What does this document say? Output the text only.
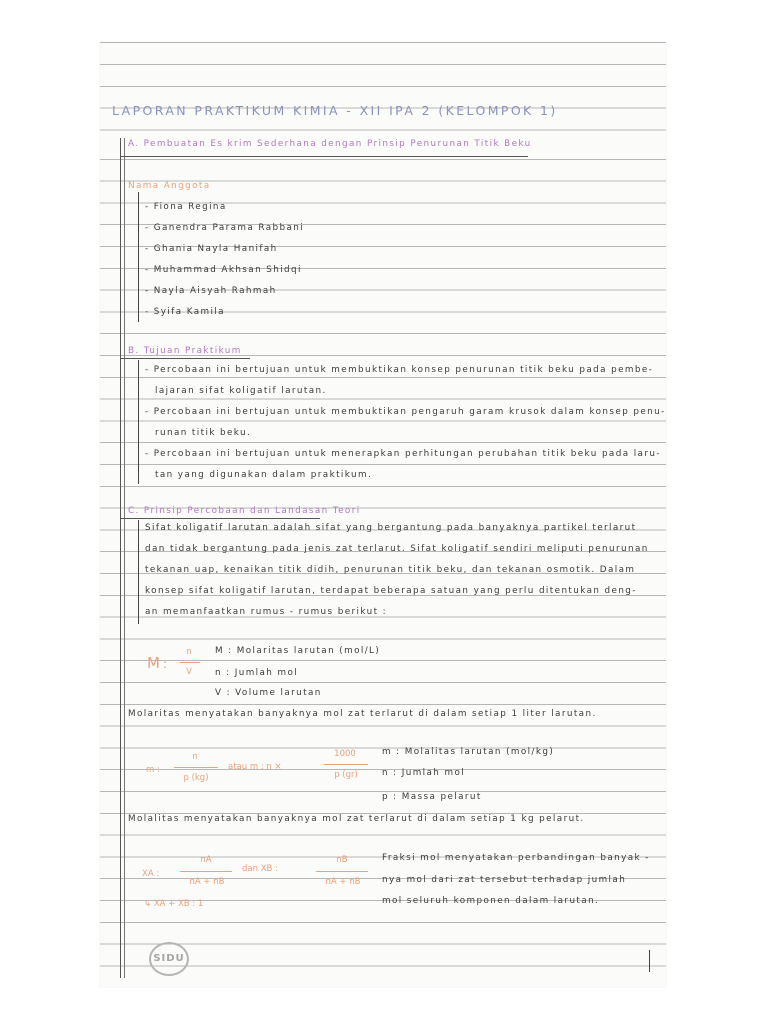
LAPORAN PRAKTIKUM KIMIA - XII IPA 2 (KELOMPOK 1)
A. Pembuatan Es krim Sederhana dengan Prinsip Penurunan Titik Beku
Nama Anggota
- Fiona Regina
- Ganendra Parama Rabbani
- Ghania Nayla Hanifah
- Muhammad Akhsan Shidqi
- Nayla Aisyah Rahmah
- Syifa Kamila
B. Tujuan Praktikum
- Percobaan ini bertujuan untuk membuktikan konsep penurunan titik beku pada pembe-
lajaran sifat koligatif larutan.
- Percobaan ini bertujuan untuk membuktikan pengaruh garam krusok dalam konsep penu-
runan titik beku.
- Percobaan ini bertujuan untuk menerapkan perhitungan perubahan titik beku pada laru-
tan yang digunakan dalam praktikum.
C. Prinsip Percobaan dan Landasan Teori
Sifat koligatif larutan adalah sifat yang bergantung pada banyaknya partikel terlarut
dan tidak bergantung pada jenis zat terlarut. Sifat koligatif sendiri meliputi penurunan
tekanan uap, kenaikan titik didih, penurunan titik beku, dan tekanan osmotik. Dalam
konsep sifat koligatif larutan, terdapat beberapa satuan yang perlu ditentukan deng-
an memanfaatkan rumus - rumus berikut :
M :
n
V
M : Molaritas larutan (mol/L)
n : Jumlah mol
V : Volume larutan
Molaritas menyatakan banyaknya mol zat terlarut di dalam setiap 1 liter larutan.
m :
n
p (kg)
atau m : n ×
1000
p (gr)
m : Molalitas larutan (mol/kg)
n : Jumlah mol
p : Massa pelarut
Molalitas menyatakan banyaknya mol zat terlarut di dalam setiap 1 kg pelarut.
XA :
nA
nA + nB
dan XB :
nB
nA + nB
↳ XA + XB : 1
Fraksi mol menyatakan perbandingan banyak -
nya mol dari zat tersebut terhadap jumlah
mol seluruh komponen dalam larutan.
SIDU
